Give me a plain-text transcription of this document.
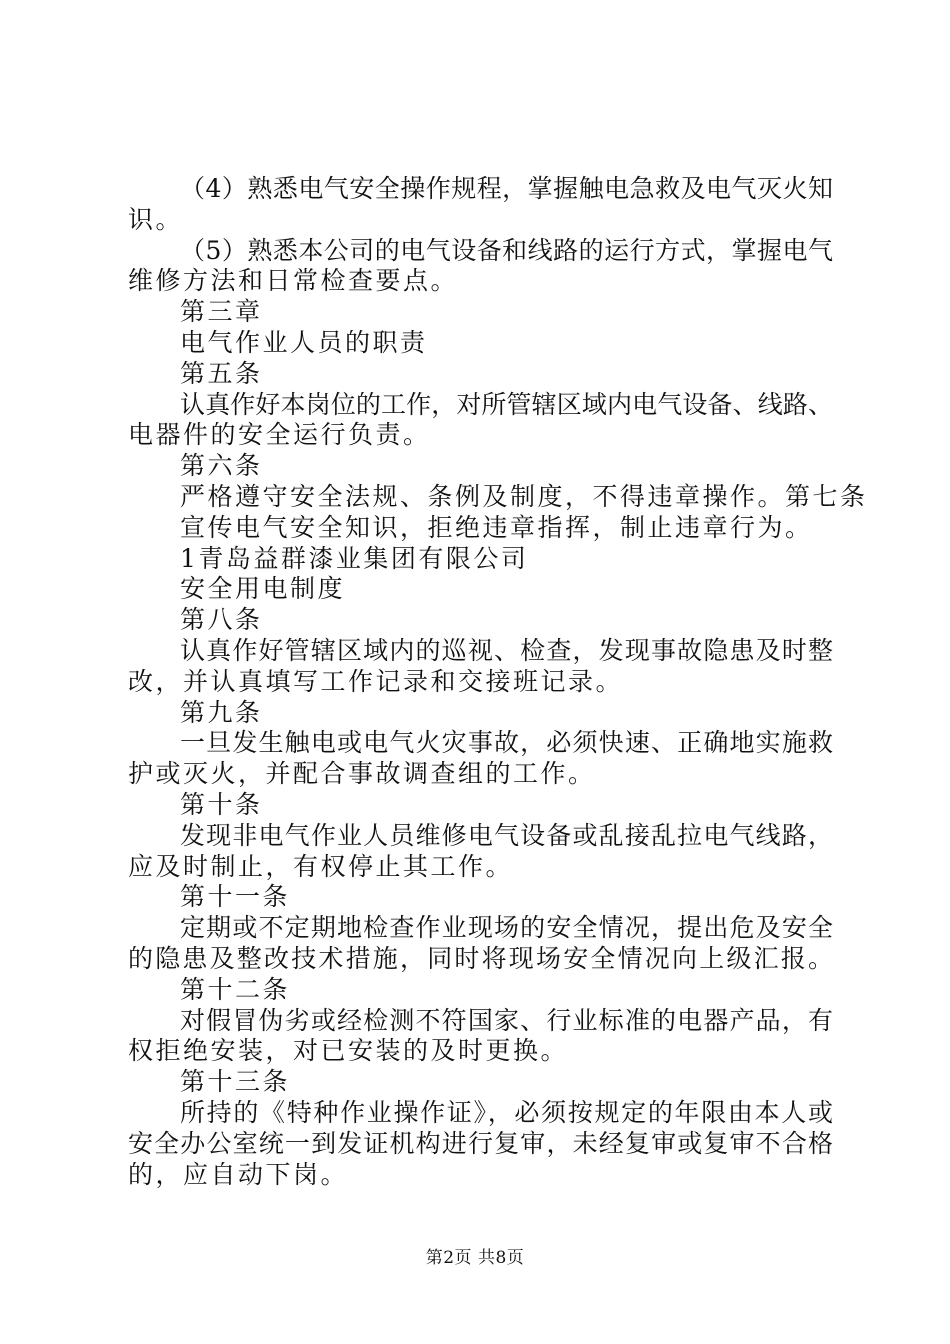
（4）熟悉电气安全操作规程，掌握触电急救及电气灭火知
识。
（5）熟悉本公司的电气设备和线路的运行方式，掌握电气
维修方法和日常检查要点。
第三章
电气作业人员的职责
第五条
认真作好本岗位的工作，对所管辖区域内电气设备、线路、
电器件的安全运行负责。
第六条
严格遵守安全法规、条例及制度，不得违章操作。第七条
宣传电气安全知识，拒绝违章指挥，制止违章行为。
1青岛益群漆业集团有限公司
安全用电制度
第八条
认真作好管辖区域内的巡视、检查，发现事故隐患及时整
改，并认真填写工作记录和交接班记录。
第九条
一旦发生触电或电气火灾事故，必须快速、正确地实施救
护或灭火，并配合事故调查组的工作。
第十条
发现非电气作业人员维修电气设备或乱接乱拉电气线路，
应及时制止，有权停止其工作。
第十一条
定期或不定期地检查作业现场的安全情况，提出危及安全
的隐患及整改技术措施，同时将现场安全情况向上级汇报。
第十二条
对假冒伪劣或经检测不符国家、行业标准的电器产品，有
权拒绝安装，对已安装的及时更换。
第十三条
所持的《特种作业操作证》，必须按规定的年限由本人或
安全办公室统一到发证机构进行复审，未经复审或复审不合格
的，应自动下岗。
第2页 共8页
